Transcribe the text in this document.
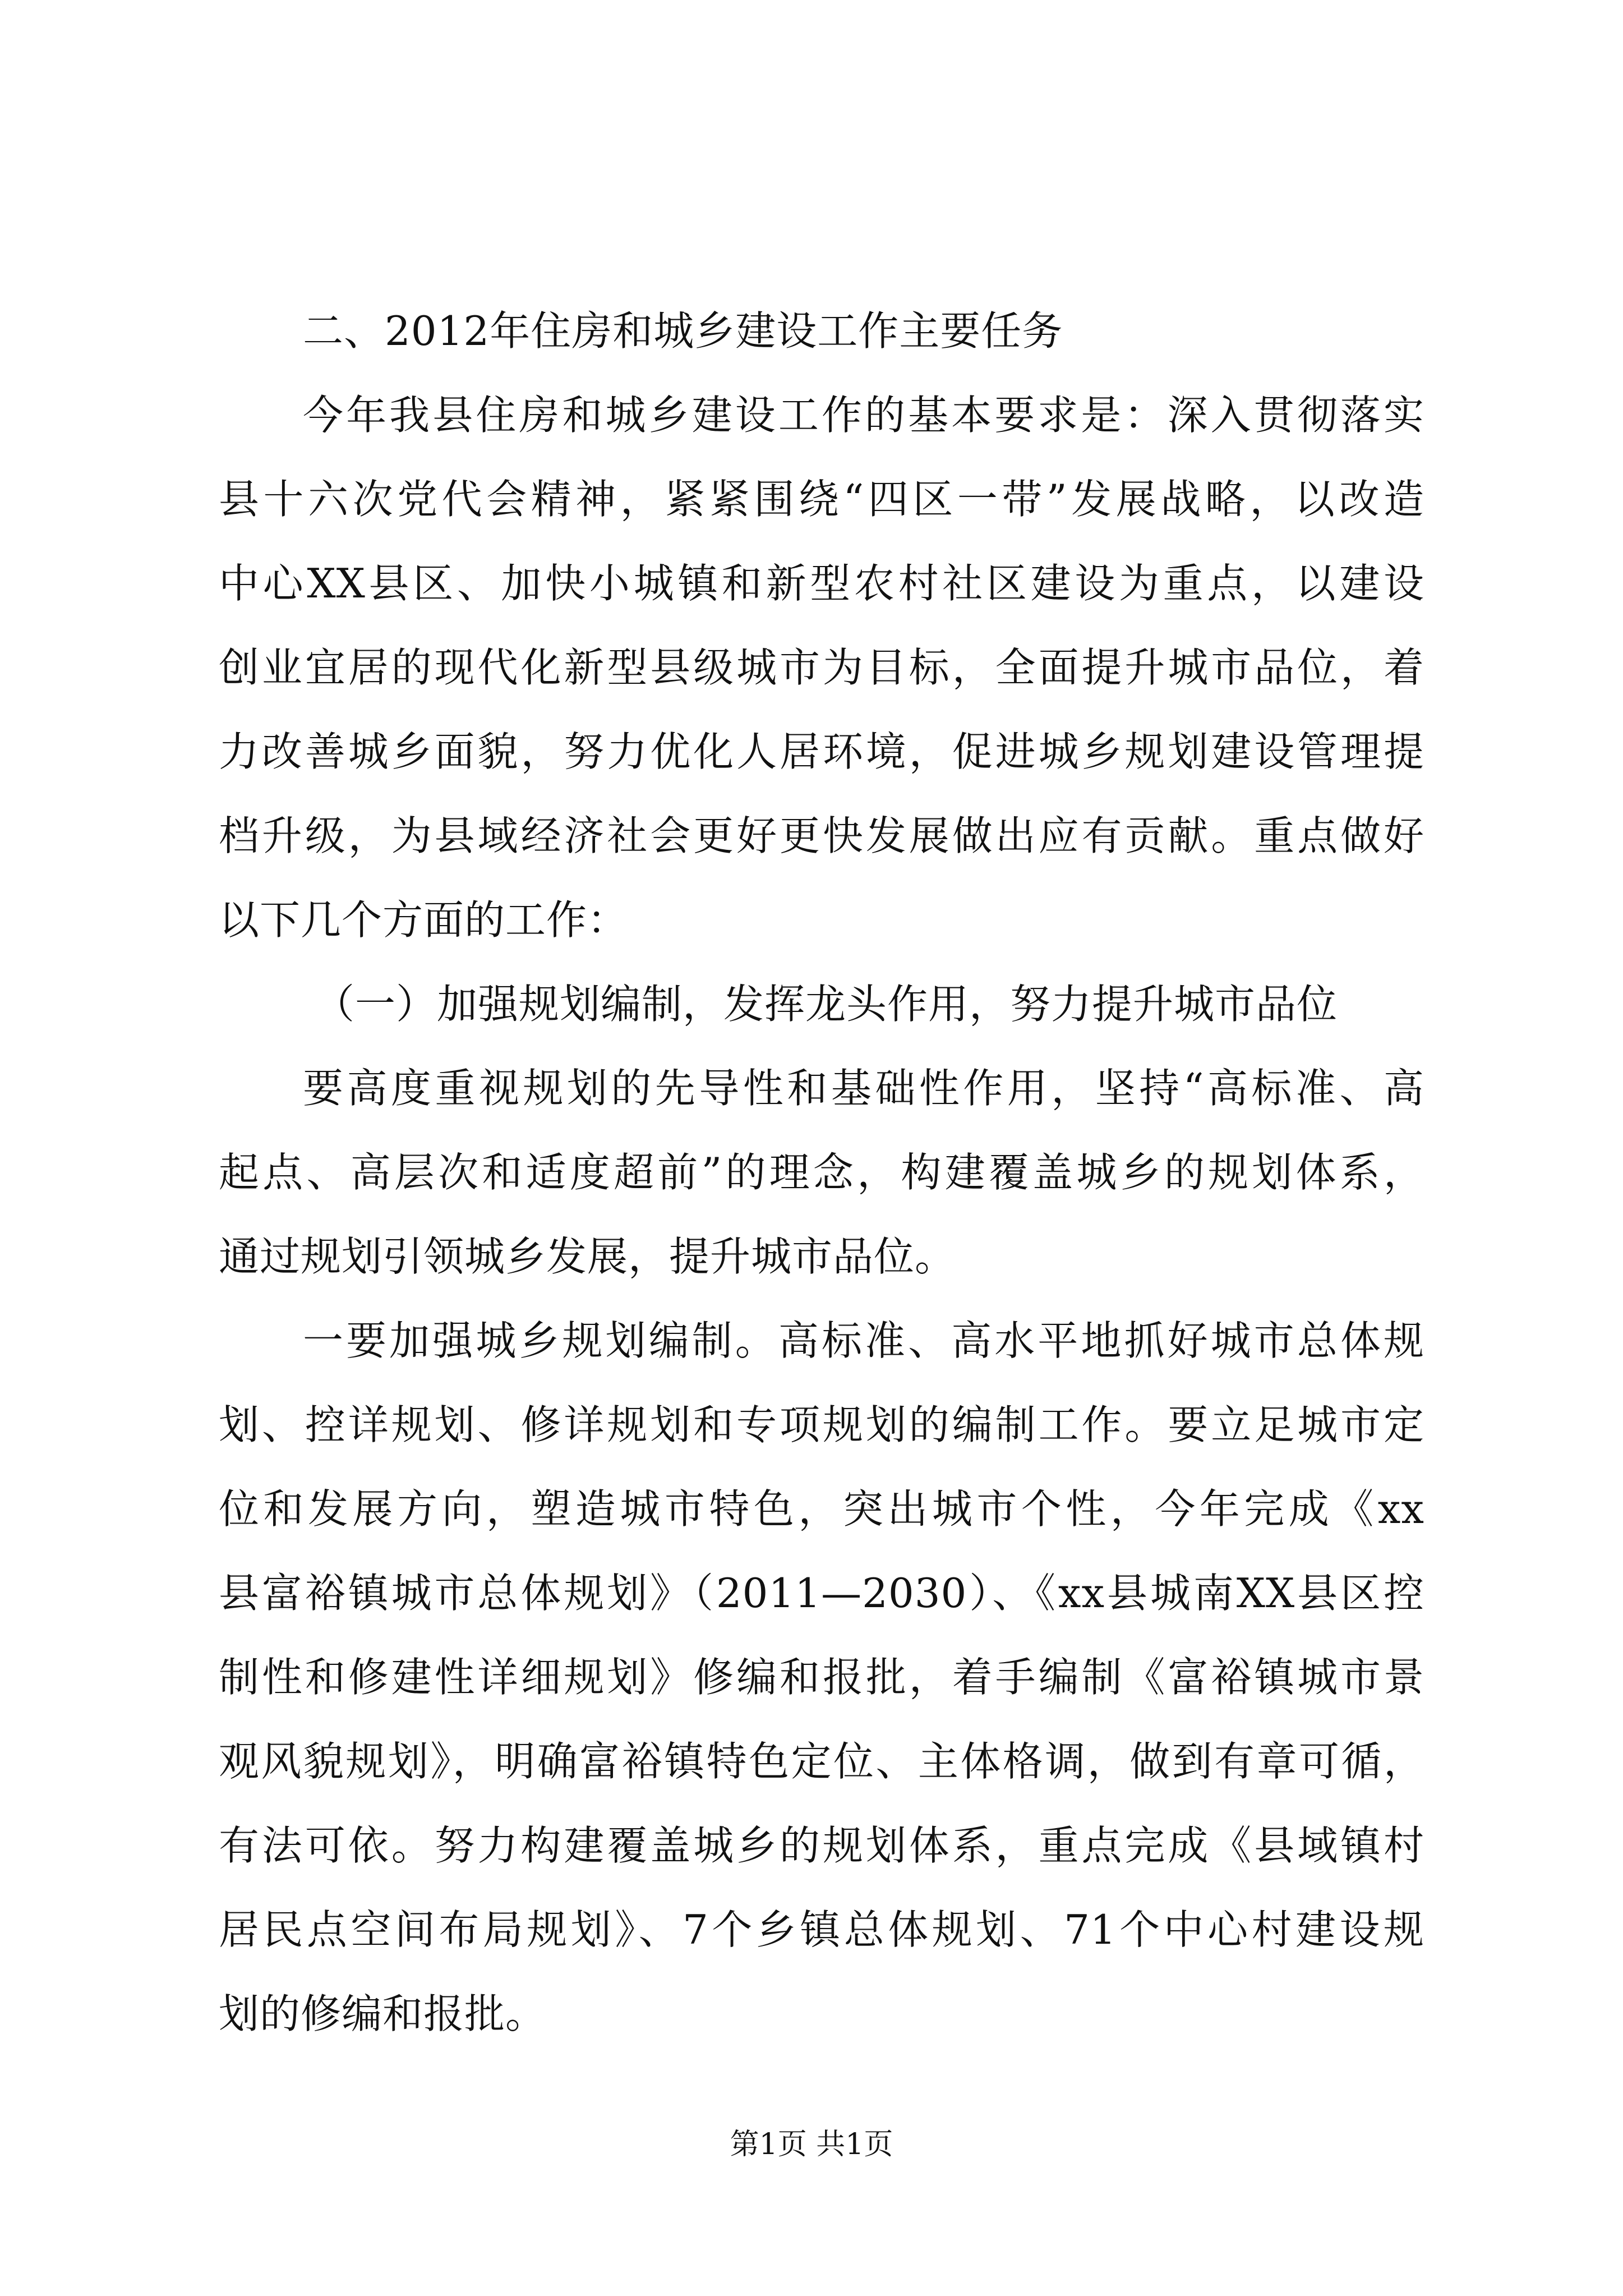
二、2012年住房和城乡建设工作主要任务
今年我县住房和城乡建设工作的基本要求是：深入贯彻落实
县十六次党代会精神，紧紧围绕“四区一带”发展战略，以改造
中心XX县区、加快小城镇和新型农村社区建设为重点，以建设
创业宜居的现代化新型县级城市为目标，全面提升城市品位，着
力改善城乡面貌，努力优化人居环境，促进城乡规划建设管理提
档升级，为县域经济社会更好更快发展做出应有贡献。重点做好
以下几个方面的工作：
（一）加强规划编制，发挥龙头作用，努力提升城市品位
要高度重视规划的先导性和基础性作用，坚持“高标准、高
起点、高层次和适度超前”的理念，构建覆盖城乡的规划体系，
通过规划引领城乡发展，提升城市品位。
一要加强城乡规划编制。高标准、高水平地抓好城市总体规
划、控详规划、修详规划和专项规划的编制工作。要立足城市定
位和发展方向，塑造城市特色，突出城市个性，今年完成《xx
县富裕镇城市总体规划》（2011—2030）、《xx县城南XX县区控
制性和修建性详细规划》修编和报批，着手编制《富裕镇城市景
观风貌规划》，明确富裕镇特色定位、主体格调，做到有章可循，
有法可依。努力构建覆盖城乡的规划体系，重点完成《县域镇村
居民点空间布局规划》、7个乡镇总体规划、71个中心村建设规
划的修编和报批。
第1页 共1页
